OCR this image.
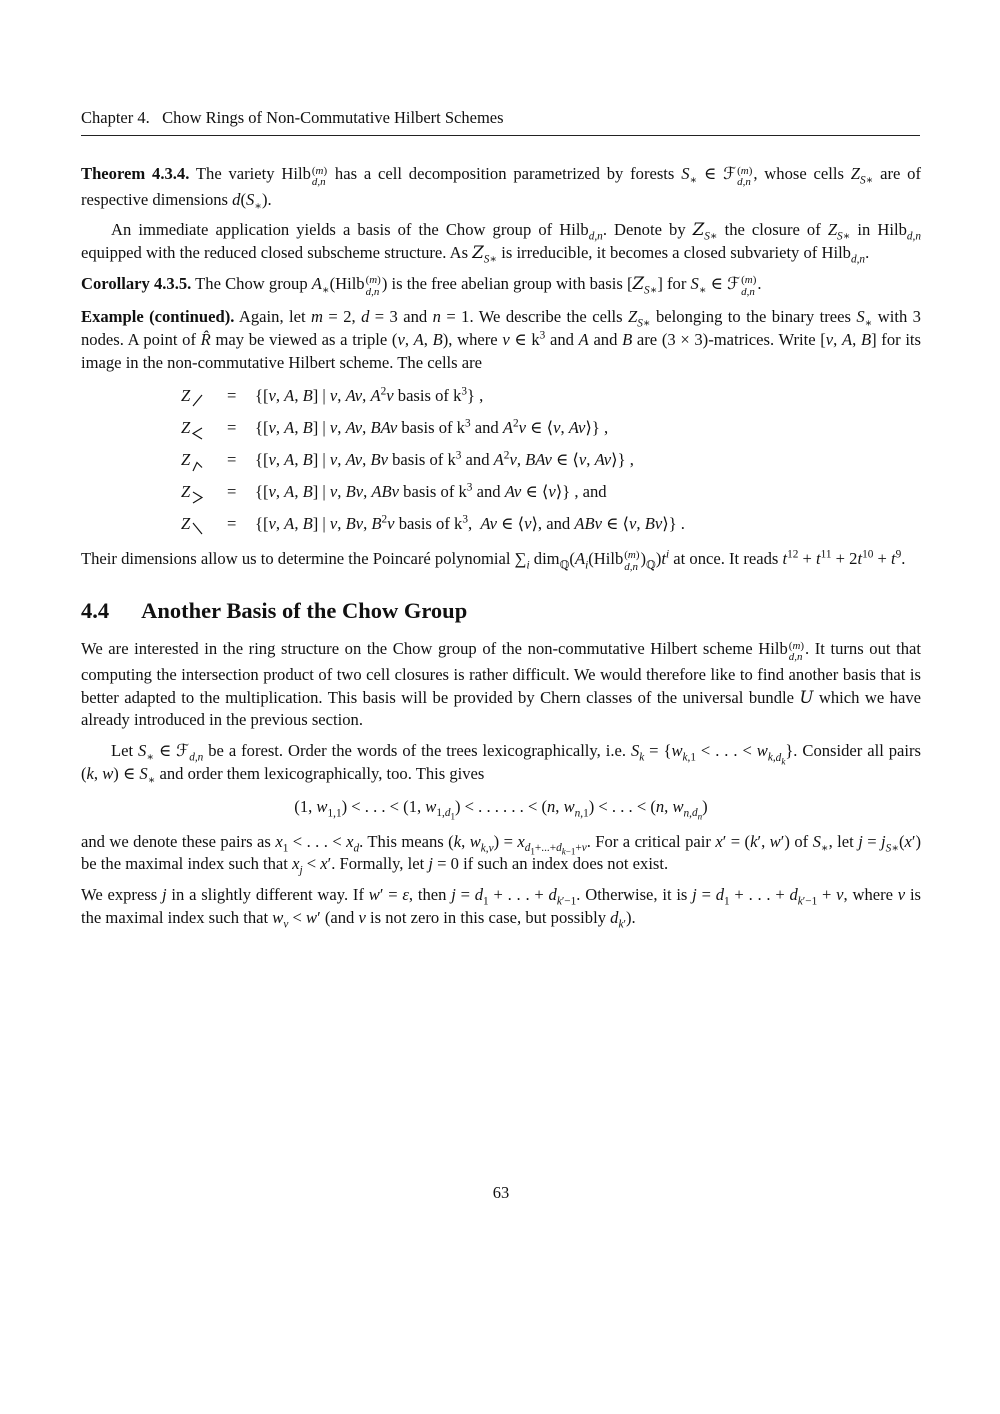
Chapter 4.   Chow Rings of Non-Commutative Hilbert Schemes

Theorem 4.3.4. The variety Hilb (m)
d,n has a cell decomposition parametrized by forests $S_∗$ ∈ ℱ (m)
d,n , whose cells $Z_{S∗}$ are of respective dimensions $d(S_∗)$.

An immediate application yields a basis of the Chow group of Hilb$_{d,n}$. Denote by $Z_{S∗}$ the closure of $Z_{S∗}$ in Hilb$_{d,n}$ equipped with the reduced closed subscheme structure. As $Z_{S∗}$ is irreducible, it becomes a closed subvariety of Hilb$_{d,n}$.

Corollary 4.3.5. The Chow group $A_∗(Hilb$ (m)
d,n ) is the free abelian group with basis $[Z_{S∗}]$ for $S_∗$ ∈ ℱ (m)
d,n .

Example (continued). Again, let m = 2, d = 3 and n = 1. We describe the cells $Z_{S∗}$ belonging to the binary trees $S_∗$ with 3 nodes. A point of R̂ may be viewed as a triple (v, A, B), where v ∈ $k^3$ and A and B are (3 × 3)-matrices. Write [v, A, B] for its image in the non-commutative Hilbert scheme. The cells are

Z	=	{[v, A, B] | v, Av, $A^2v$ basis of $k^3$} ,
Z	=	{[v, A, B] | v, Av, BAv basis of $k^3$ and $A^2v$ ∈ ⟨v, Av⟩} ,
Z	=	{[v, A, B] | v, Av, Bv basis of $k^3$ and $A^2v$, BAv ∈ ⟨v, Av⟩} ,
Z	=	{[v, A, B] | v, Bv, ABv basis of $k^3$ and Av ∈ ⟨v⟩} , and
Z	=	{[v, A, B] | v, Bv, $B^2v$ basis of $k^3$,  Av ∈ ⟨v⟩, and ABv ∈ ⟨v, Bv⟩} .

Their dimensions allow us to determine the Poincaré polynomial $\sum_i$ $dim_ℚ(A_i(Hilb$ (m)
d,n )$_ℚ)t^i$ at once. It reads $t^{12} + t^{11} + 2t^{10} + t^9$.

4.4 Another Basis of the Chow Group

We are interested in the ring structure on the Chow group of the non-commutative Hilbert scheme Hilb (m)
d,n . It turns out that computing the intersection product of two cell closures is rather difficult. We would therefore like to find another basis that is better adapted to the multiplication. This basis will be provided by Chern classes of the universal bundle U which we have already introduced in the previous section.

Let $S_∗$ ∈ ℱ$_{d,n}$ be a forest. Order the words of the trees lexicographically, i.e. $S_k = \{w_{k,1}$ < . . . < $w_{k,d_k}$}. Consider all pairs (k, w) ∈ $S_∗$ and order them lexicographically, too. This gives

(1, $w_{1,1}$) < . . . < (1, $w_{1,d_1}$) < . . . . . . < (n, $w_{n,1}$) < . . . < (n, $w_{n,d_n}$)

and we denote these pairs as $x_1$ < . . . < $x_d$. This means (k, $w_{k,\nu}) = x_{d_1+...+d_{k-1}+\nu}$. For a critical pair x′ = (k′, w′) of $S_∗$, let $j = j_{S∗}(x')$ be the maximal index such that $x_j < x'$. Formally, let j = 0 if such an index does not exist.

We express j in a slightly different way. If w′ = ε, then $j = d_1$ + . . . + $d_{k'-1}$. Otherwise, it is $j = d_1$ + . . . + $d_{k'-1} + \nu$, where ν is the maximal index such that $w_\nu < w'$ (and ν is not zero in this case, but possibly $d_{k'}$).

63
